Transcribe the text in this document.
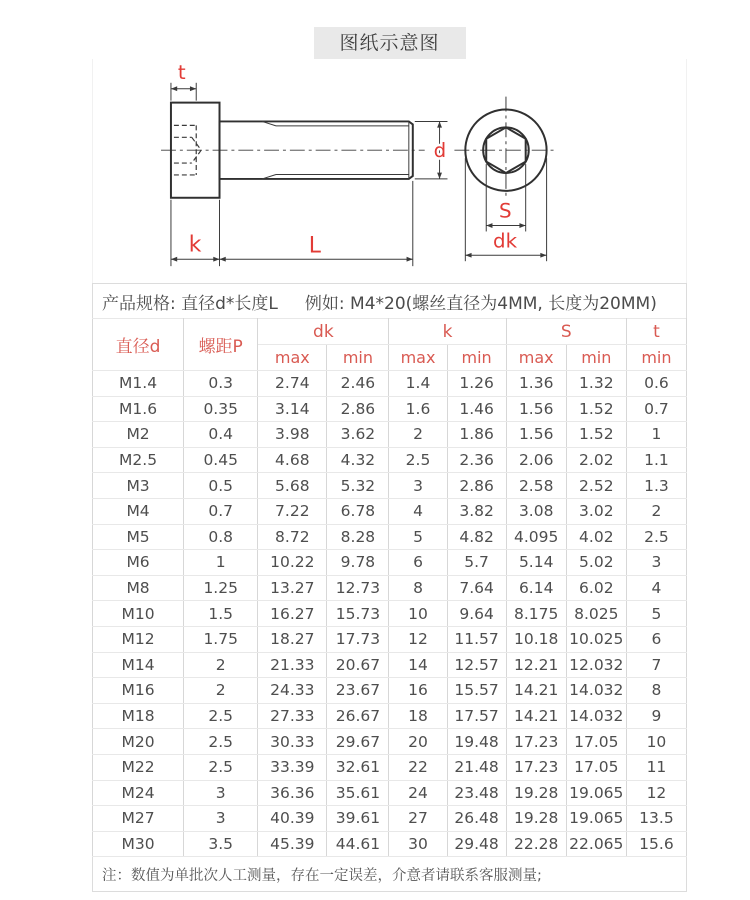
图纸示意图
t
d
k	L
S
dk
产品规格: 直径d*长度L 例如: M4*20(螺丝直径为4MM, 长度为20MM)
直径d	螺距P	dk		k		S		t
		max	min	max	min	max	min	min
M1.4	0.3	2.74	2.46	1.4	1.26	1.36	1.32	0.6
M1.6	0.35	3.14	2.86	1.6	1.46	1.56	1.52	0.7
M2	0.4	3.98	3.62	2	1.86	1.56	1.52	1
M2.5	0.45	4.68	4.32	2.5	2.36	2.06	2.02	1.1
M3	0.5	5.68	5.32	3	2.86	2.58	2.52	1.3
M4	0.7	7.22	6.78	4	3.82	3.08	3.02	2
M5	0.8	8.72	8.28	5	4.82	4.095	4.02	2.5
M6	1	10.22	9.78	6	5.7	5.14	5.02	3
M8	1.25	13.27	12.73	8	7.64	6.14	6.02	4
M10	1.5	16.27	15.73	10	9.64	8.175	8.025	5
M12	1.75	18.27	17.73	12	11.57	10.18	10.025	6
M14	2	21.33	20.67	14	12.57	12.21	12.032	7
M16	2	24.33	23.67	16	15.57	14.21	14.032	8
M18	2.5	27.33	26.67	18	17.57	14.21	14.032	9
M20	2.5	30.33	29.67	20	19.48	17.23	17.05	10
M22	2.5	33.39	32.61	22	21.48	17.23	17.05	11
M24	3	36.36	35.61	24	23.48	19.28	19.065	12
M27	3	40.39	39.61	27	26.48	19.28	19.065	13.5
M30	3.5	45.39	44.61	30	29.48	22.28	22.065	15.6
注：数值为单批次人工测量，存在一定误差，介意者请联系客服测量;
